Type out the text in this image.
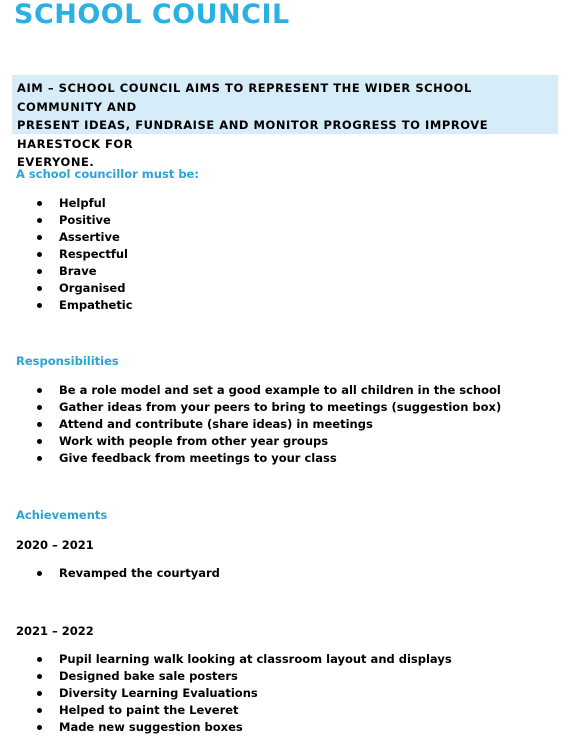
SCHOOL COUNCIL

AIM – SCHOOL COUNCIL AIMS TO REPRESENT THE WIDER SCHOOL COMMUNITY AND

PRESENT IDEAS, FUNDRAISE AND MONITOR PROGRESS TO IMPROVE HARESTOCK FOR

EVERYONE.

A school councillor must be:
Helpful
Positive
Assertive
Respectful
Brave
Organised
Empathetic
Responsibilities
Be a role model and set a good example to all children in the school
Gather ideas from your peers to bring to meetings (suggestion box)
Attend and contribute (share ideas) in meetings
Work with people from other year groups
Give feedback from meetings to your class
Achievements
2020 – 2021
Revamped the courtyard
2021 – 2022
Pupil learning walk looking at classroom layout and displays
Designed bake sale posters
Diversity Learning Evaluations
Helped to paint the Leveret
Made new suggestion boxes
